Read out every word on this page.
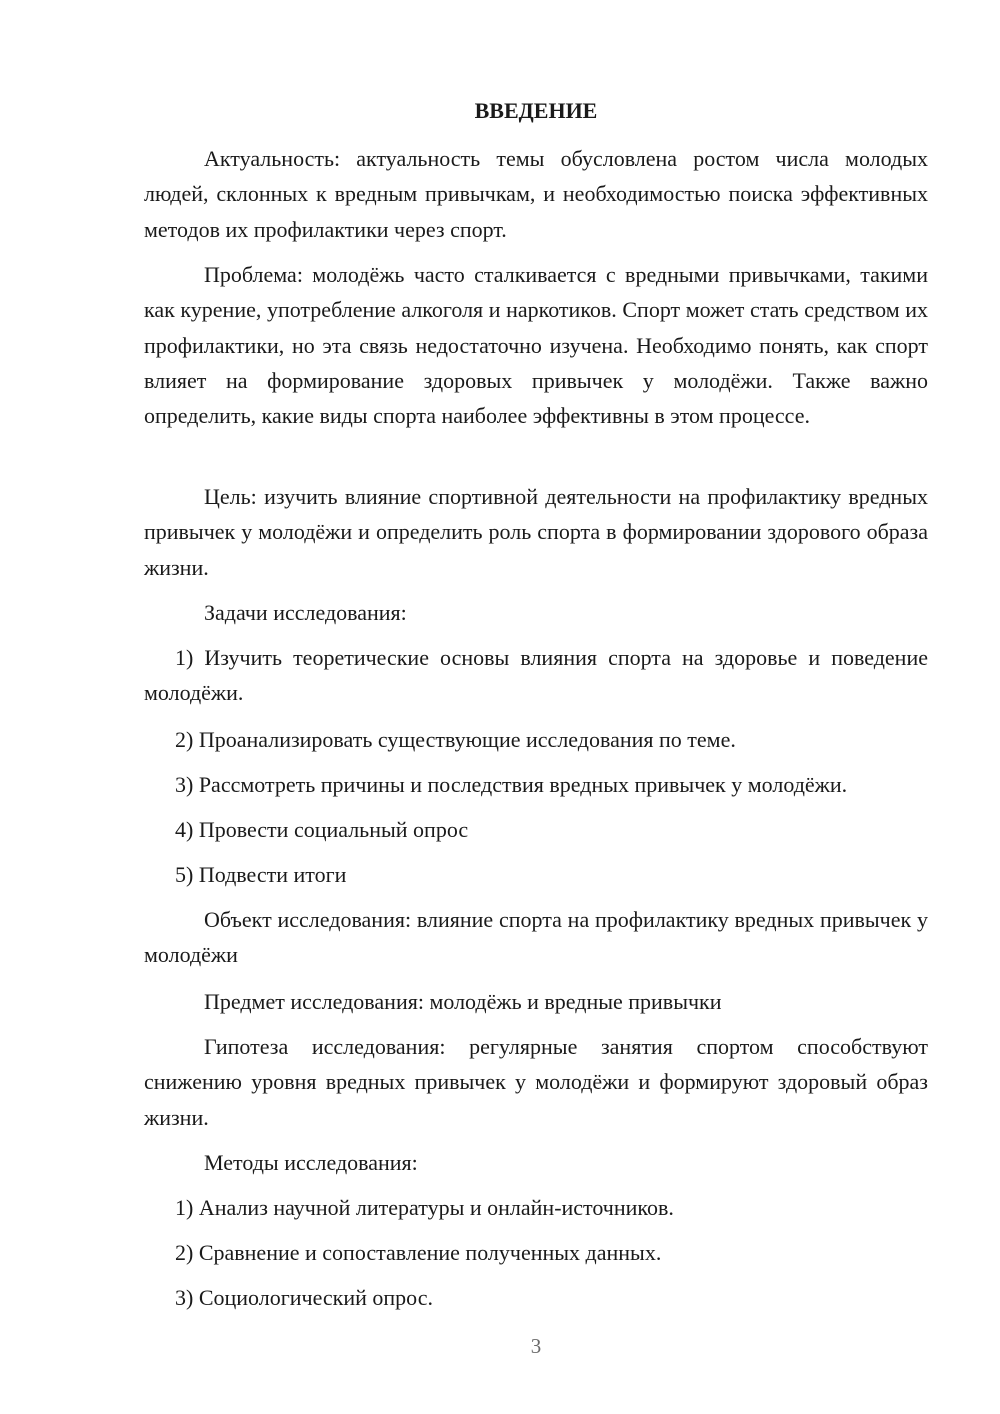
ВВЕДЕНИЕ

Актуальность: актуальность темы обусловлена ростом числа молодых людей, склонных к вредным привычкам, и необходимостью поиска эффективных методов их профилактики через спорт.

Проблема: молодёжь часто сталкивается с вредными привычками, такими как курение, употребление алкоголя и наркотиков. Спорт может стать средством их профилактики, но эта связь недостаточно изучена. Необходимо понять, как спорт влияет на формирование здоровых привычек у молодёжи. Также важно определить, какие виды спорта наиболее эффективны в этом процессе.

Цель: изучить влияние спортивной деятельности на профилактику вредных привычек у молодёжи и определить роль спорта в формировании здорового образа жизни.

Задачи исследования:

1) Изучить теоретические основы влияния спорта на здоровье и поведение молодёжи.

2) Проанализировать существующие исследования по теме.

3) Рассмотреть причины и последствия вредных привычек у молодёжи.

4) Провести социальный опрос

5) Подвести итоги

Объект исследования: влияние спорта на профилактику вредных привычек у молодёжи

Предмет исследования: молодёжь и вредные привычки

Гипотеза исследования: регулярные занятия спортом способствуют снижению уровня вредных привычек у молодёжи и формируют здоровый образ жизни.

Методы исследования:

1) Анализ научной литературы и онлайн-источников.

2) Сравнение и сопоставление полученных данных.

3) Социологический опрос.

3
